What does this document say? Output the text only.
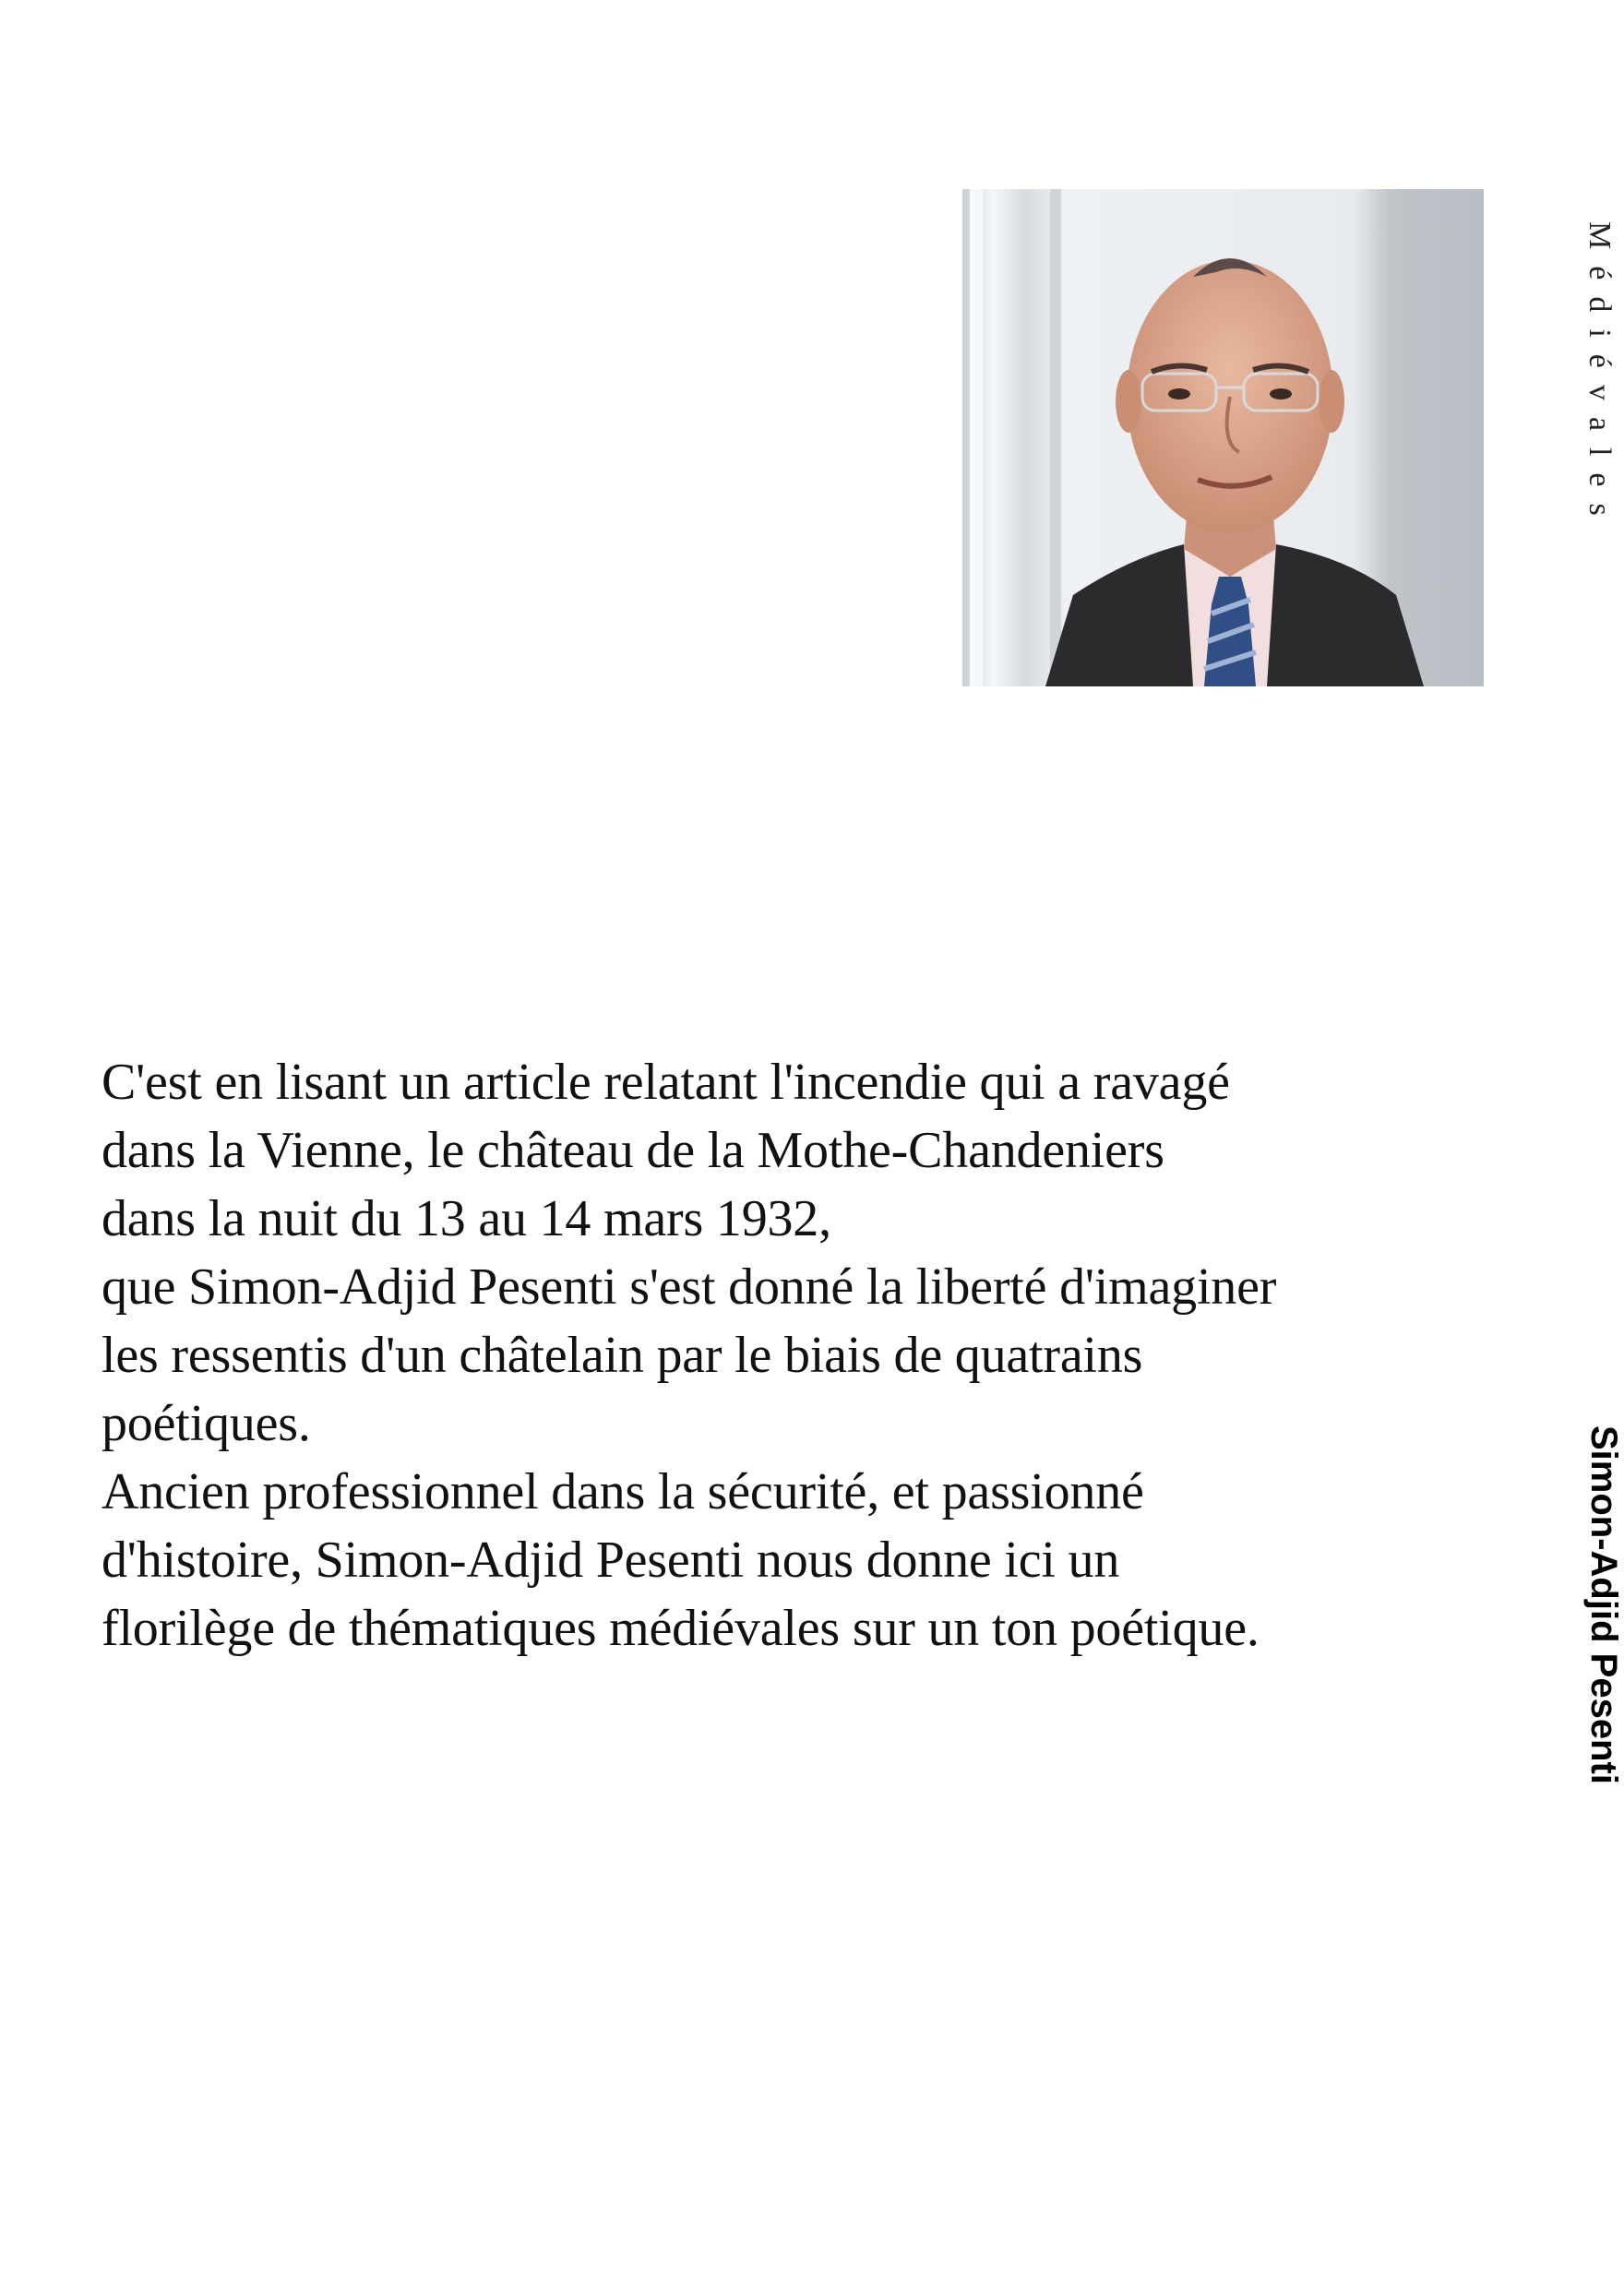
C'est en lisant un article relatant l'incendie qui a ravagé
dans la Vienne, le château de la Mothe-Chandeniers
dans la nuit du 13 au 14 mars 1932,
que Simon-Adjid Pesenti s'est donné la liberté d'imaginer
les ressentis d'un châtelain par le biais de quatrains
poétiques.
Ancien professionnel dans la sécurité, et passionné
d'histoire, Simon-Adjid Pesenti nous donne ici un
florilège de thématiques médiévales sur un ton poétique.
Médiévales
Simon-Adjid Pesenti
